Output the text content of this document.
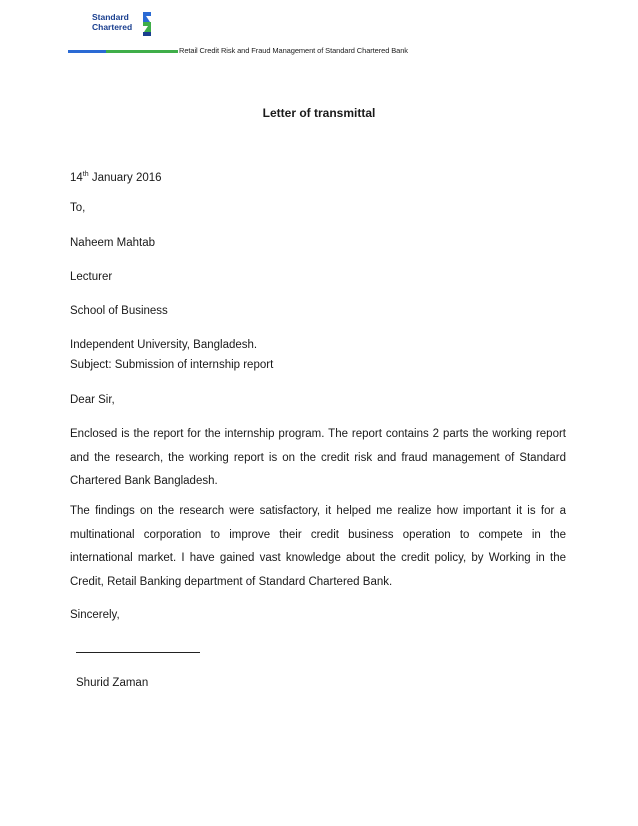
Standard
Chartered
Retail Credit Risk and Fraud Management of Standard Chartered Bank
Letter of transmittal
14th January 2016
To,
Naheem Mahtab
Lecturer
School of Business
Independent University, Bangladesh.
Subject: Submission of internship report
Dear Sir,
Enclosed is the report for the internship program. The report contains 2 parts the working report and the research, the working report is on the credit risk and fraud management of Standard Chartered Bank Bangladesh.
The findings on the research were satisfactory, it helped me realize how important it is for a multinational corporation to improve their credit business operation to compete in the international market. I have gained vast knowledge about the credit policy, by Working in the Credit, Retail Banking department of Standard Chartered Bank.
Sincerely,
Shurid Zaman
